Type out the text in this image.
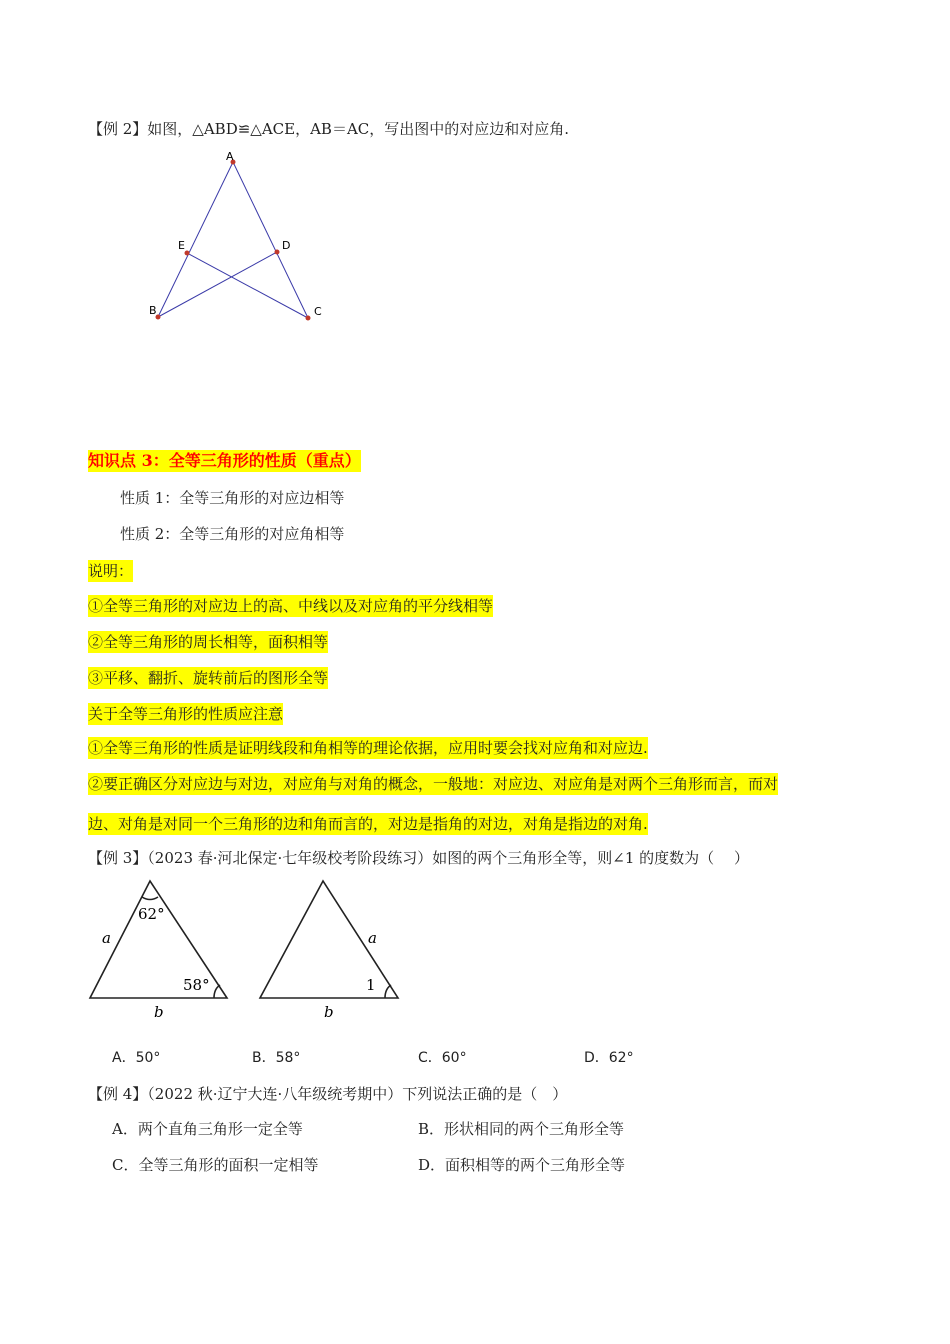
【例 2】如图，△ABD≌△ACE，AB＝AC，写出图中的对应边和对应角.
A
E	D
B	C
知识点 3：全等三角形的性质（重点）
性质 1：全等三角形的对应边相等
性质 2：全等三角形的对应角相等
说明：
①全等三角形的对应边上的高、中线以及对应角的平分线相等
②全等三角形的周长相等，面积相等
③平移、翻折、旋转前后的图形全等
关于全等三角形的性质应注意
①全等三角形的性质是证明线段和角相等的理论依据，应用时要会找对应角和对应边.
②要正确区分对应边与对边，对应角与对角的概念，一般地：对应边、对应角是对两个三角形而言，而对
边、对角是对同一个三角形的边和角而言的，对边是指角的对边，对角是指边的对角.
【例 3】（2023 春·河北保定·七年级校考阶段练习）如图的两个三角形全等，则∠1 的度数为（　 ）
a
b
62°
58°
a
b
1
A．50°	B．58°	C．60°	D．62°
【例 4】（2022 秋·辽宁大连·八年级统考期中）下列说法正确的是（　）
A．两个直角三角形一定全等	B．形状相同的两个三角形全等
C．全等三角形的面积一定相等	D．面积相等的两个三角形全等
